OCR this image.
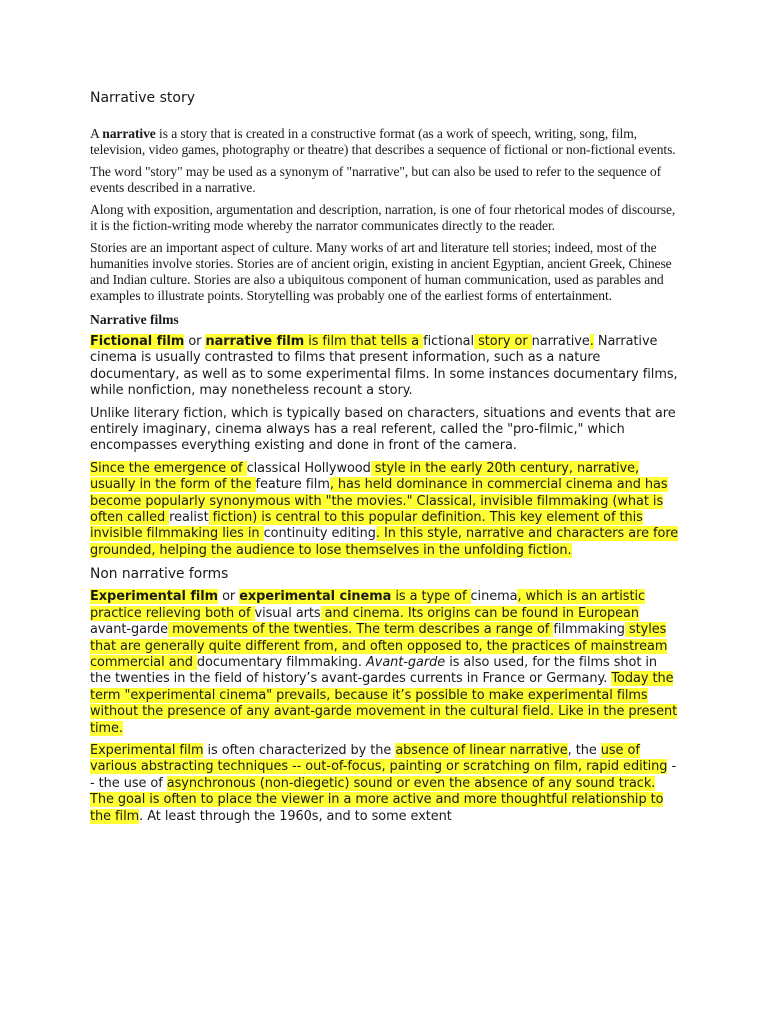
Narrative story

A narrative is a story that is created in a constructive format (as a work of speech, writing, song, film, television, video games, photography or theatre) that describes a sequence of fictional or non-fictional events.

The word "story" may be used as a synonym of "narrative", but can also be used to refer to the sequence of events described in a narrative.

Along with exposition, argumentation and description, narration, is one of four rhetorical modes of discourse, it is the fiction-writing mode whereby the narrator communicates directly to the reader.

Stories are an important aspect of culture. Many works of art and literature tell stories; indeed, most of the humanities involve stories. Stories are of ancient origin, existing in ancient Egyptian, ancient Greek, Chinese and Indian culture. Stories are also a ubiquitous component of human communication, used as parables and examples to illustrate points. Storytelling was probably one of the earliest forms of entertainment.

Narrative films

Fictional film or narrative film is film that tells a fictional story or narrative. Narrative cinema is usually contrasted to films that present information, such as a nature documentary, as well as to some experimental films. In some instances documentary films, while nonfiction, may nonetheless recount a story.

Unlike literary fiction, which is typically based on characters, situations and events that are entirely imaginary, cinema always has a real referent, called the "pro-filmic," which encompasses everything existing and done in front of the camera.

Since the emergence of classical Hollywood style in the early 20th century, narrative, usually in the form of the feature film, has held dominance in commercial cinema and has become popularly synonymous with "the movies." Classical, invisible filmmaking (what is often called realist fiction) is central to this popular definition. This key element of this invisible filmmaking lies in continuity editing. In this style, narrative and characters are fore grounded, helping the audience to lose themselves in the unfolding fiction.

Non narrative forms

Experimental film or experimental cinema is a type of cinema, which is an artistic practice relieving both of visual arts and cinema. Its origins can be found in European avant-garde movements of the twenties. The term describes a range of filmmaking styles that are generally quite different from, and often opposed to, the practices of mainstream commercial and documentary filmmaking. Avant-garde is also used, for the films shot in the twenties in the field of history’s avant-gardes currents in France or Germany. Today the term "experimental cinema" prevails, because it’s possible to make experimental films without the presence of any avant-garde movement in the cultural field. Like in the present time.

Experimental film is often characterized by the absence of linear narrative, the use of various abstracting techniques -- out-of-focus, painting or scratching on film, rapid editing -- the use of asynchronous (non-diegetic) sound or even the absence of any sound track. The goal is often to place the viewer in a more active and more thoughtful relationship to the film. At least through the 1960s, and to some extent
